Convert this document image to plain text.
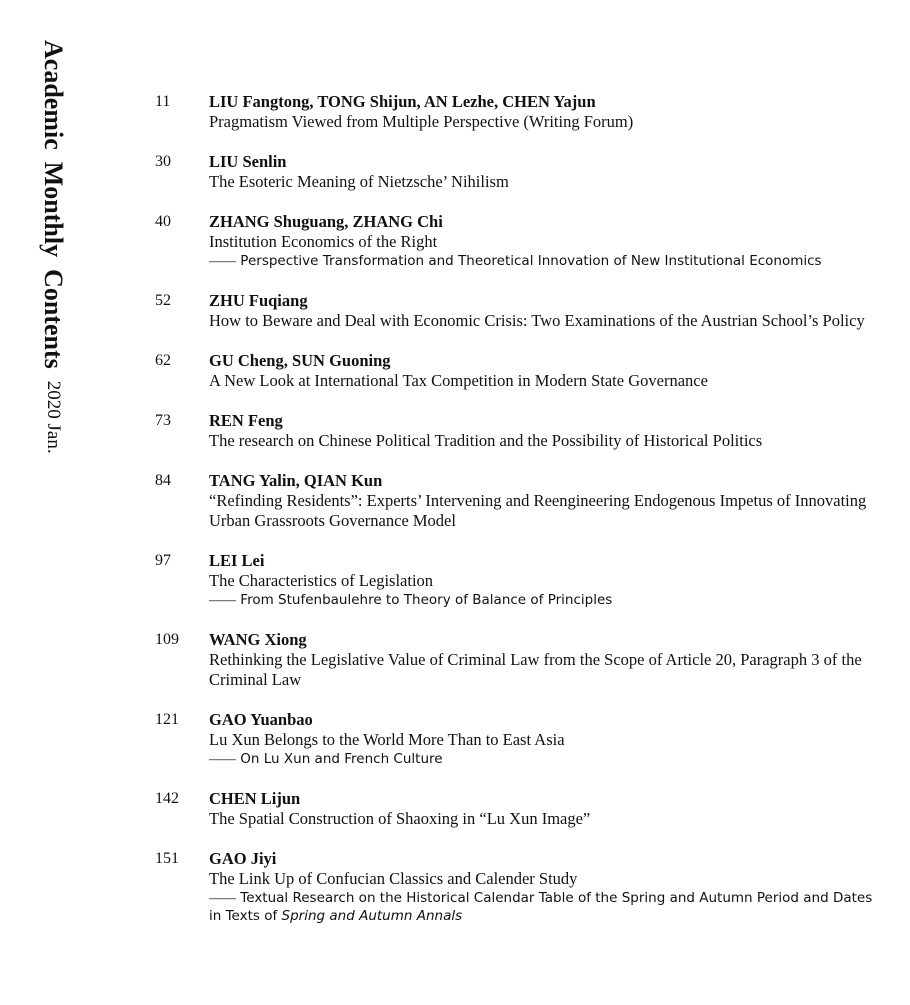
AcademicMonthlyContents2020 Jan.
11	LIU Fangtong, TONG Shijun, AN Lezhe, CHEN Yajun
Pragmatism Viewed from Multiple Perspective (Writing Forum)
30	LIU Senlin
The Esoteric Meaning of Nietzsche’ Nihilism
40	ZHANG Shuguang, ZHANG Chi
Institution Economics of the Right
—— Perspective Transformation and Theoretical Innovation of New Institutional Economics
52	ZHU Fuqiang
How to Beware and Deal with Economic Crisis: Two Examinations of the Austrian School’s Policy
62	GU Cheng, SUN Guoning
A New Look at International Tax Competition in Modern State Governance
73	REN Feng
The research on Chinese Political Tradition and the Possibility of Historical Politics
84	TANG Yalin, QIAN Kun
“Refinding Residents”: Experts’ Intervening and Reengineering Endogenous Impetus of Innovating Urban Grassroots Governance Model
97	LEI Lei
The Characteristics of Legislation
—— From Stufenbaulehre to Theory of Balance of Principles
109	WANG Xiong
Rethinking the Legislative Value of Criminal Law from the Scope of Article 20, Paragraph 3 of the Criminal Law
121	GAO Yuanbao
Lu Xun Belongs to the World More Than to East Asia
—— On Lu Xun and French Culture
142	CHEN Lijun
The Spatial Construction of Shaoxing in “Lu Xun Image”
151	GAO Jiyi
The Link Up of Confucian Classics and Calender Study
—— Textual Research on the Historical Calendar Table of the Spring and Autumn Period and Dates in Texts of Spring and Autumn Annals
